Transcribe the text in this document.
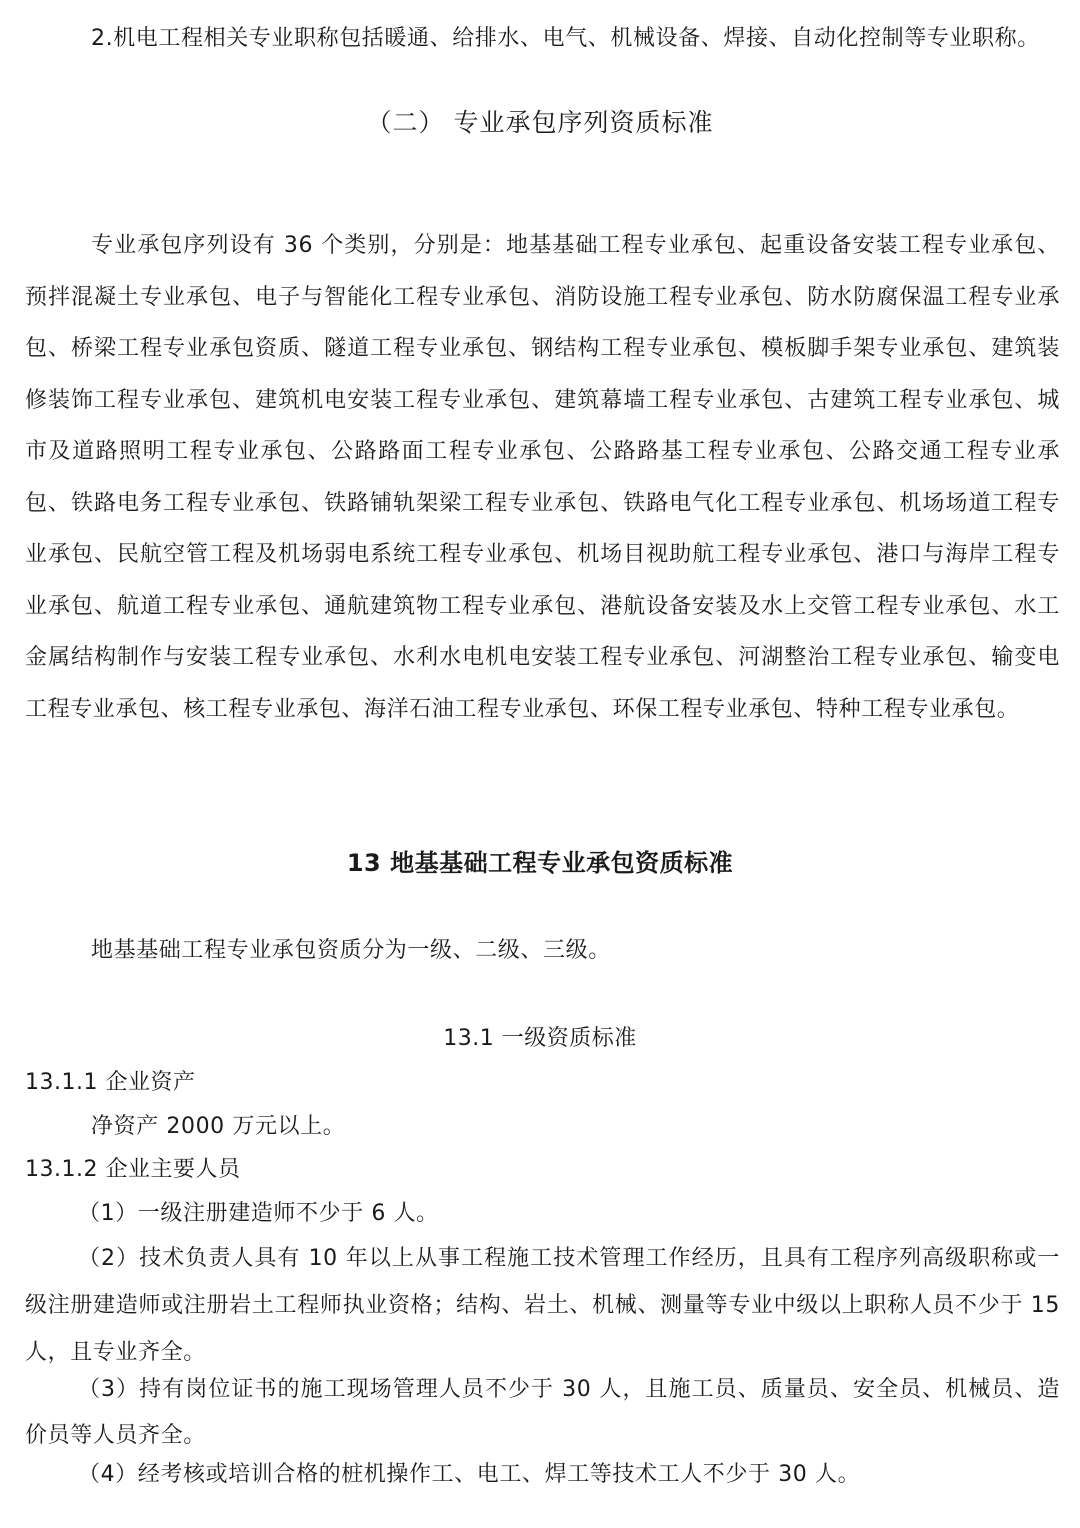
2.机电工程相关专业职称包括暖通、给排水、电气、机械设备、焊接、自动化控制等专业职称。

（二） 专业承包序列资质标准

专业承包序列设有 36 个类别，分别是：地基基础工程专业承包、起重设备安装工程专业承包、预拌混凝土专业承包、电子与智能化工程专业承包、消防设施工程专业承包、防水防腐保温工程专业承包、桥梁工程专业承包资质、隧道工程专业承包、钢结构工程专业承包、模板脚手架专业承包、建筑装修装饰工程专业承包、建筑机电安装工程专业承包、建筑幕墙工程专业承包、古建筑工程专业承包、城市及道路照明工程专业承包、公路路面工程专业承包、公路路基工程专业承包、公路交通工程专业承包、铁路电务工程专业承包、铁路铺轨架梁工程专业承包、铁路电气化工程专业承包、机场场道工程专业承包、民航空管工程及机场弱电系统工程专业承包、机场目视助航工程专业承包、港口与海岸工程专业承包、航道工程专业承包、通航建筑物工程专业承包、港航设备安装及水上交管工程专业承包、水工金属结构制作与安装工程专业承包、水利水电机电安装工程专业承包、河湖整治工程专业承包、输变电工程专业承包、核工程专业承包、海洋石油工程专业承包、环保工程专业承包、特种工程专业承包。

13 地基基础工程专业承包资质标准

地基基础工程专业承包资质分为一级、二级、三级。

13.1 一级资质标准
13.1.1 企业资产

净资产 2000 万元以上。

13.1.2 企业主要人员

（1）一级注册建造师不少于 6 人。

（2）技术负责人具有 10 年以上从事工程施工技术管理工作经历，且具有工程序列高级职称或一级注册建造师或注册岩土工程师执业资格；结构、岩土、机械、测量等专业中级以上职称人员不少于 15 人，且专业齐全。

（3）持有岗位证书的施工现场管理人员不少于 30 人，且施工员、质量员、安全员、机械员、造价员等人员齐全。

（4）经考核或培训合格的桩机操作工、电工、焊工等技术工人不少于 30 人。
